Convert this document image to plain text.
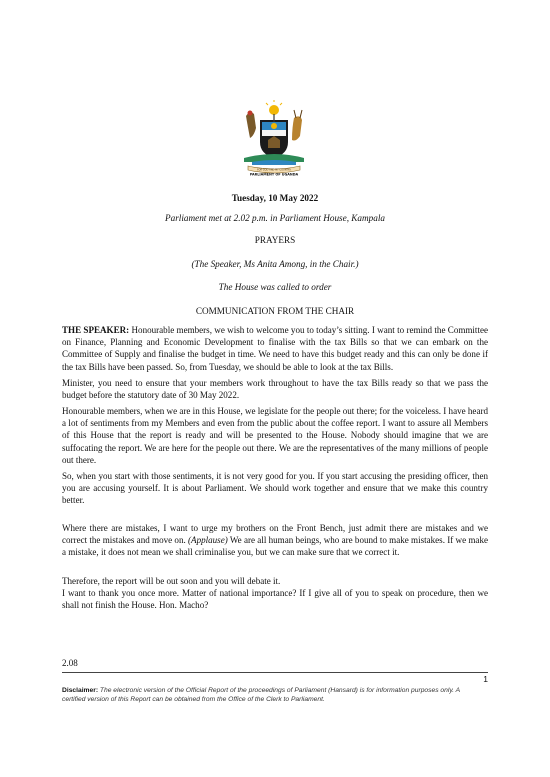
FOR GOD AND MY COUNTRY
PARLIAMENT OF UGANDA
Tuesday, 10 May 2022
Parliament met at 2.02 p.m. in Parliament House, Kampala
PRAYERS
(The Speaker, Ms Anita Among, in the Chair.)
The House was called to order
COMMUNICATION FROM THE CHAIR

THE SPEAKER: Honourable members, we wish to welcome you to today’s sitting. I want to remind the Committee on Finance, Planning and Economic Development to finalise with the tax Bills so that we can embark on the Committee of Supply and finalise the budget in time. We need to have this budget ready and this can only be done if the tax Bills have been passed. So, from Tuesday, we should be able to look at the tax Bills.

Minister, you need to ensure that your members work throughout to have the tax Bills ready so that we pass the budget before the statutory date of 30 May 2022.

Honourable members, when we are in this House, we legislate for the people out there; for the voiceless. I have heard a lot of sentiments from my Members and even from the public about the coffee report. I want to assure all Members of this House that the report is ready and will be presented to the House. Nobody should imagine that we are suffocating the report. We are here for the people out there. We are the representatives of the many millions of people out there.

So, when you start with those sentiments, it is not very good for you. If you start accusing the presiding officer, then you are accusing yourself. It is about Parliament. We should work together and ensure that we make this country better.

Where there are mistakes, I want to urge my brothers on the Front Bench, just admit there are mistakes and we correct the mistakes and move on. (Applause) We are all human beings, who are bound to make mistakes. If we make a mistake, it does not mean we shall criminalise you, but we can make sure that we correct it.

Therefore, the report will be out soon and you will debate it.

I want to thank you once more. Matter of national importance? If I give all of you to speak on procedure, then we shall not finish the House. Hon. Macho?

2.08
1
Disclaimer: The electronic version of the Official Report of the proceedings of Parliament (Hansard) is for information purposes only. A certified version of this Report can be obtained from the Office of the Clerk to Parliament.
